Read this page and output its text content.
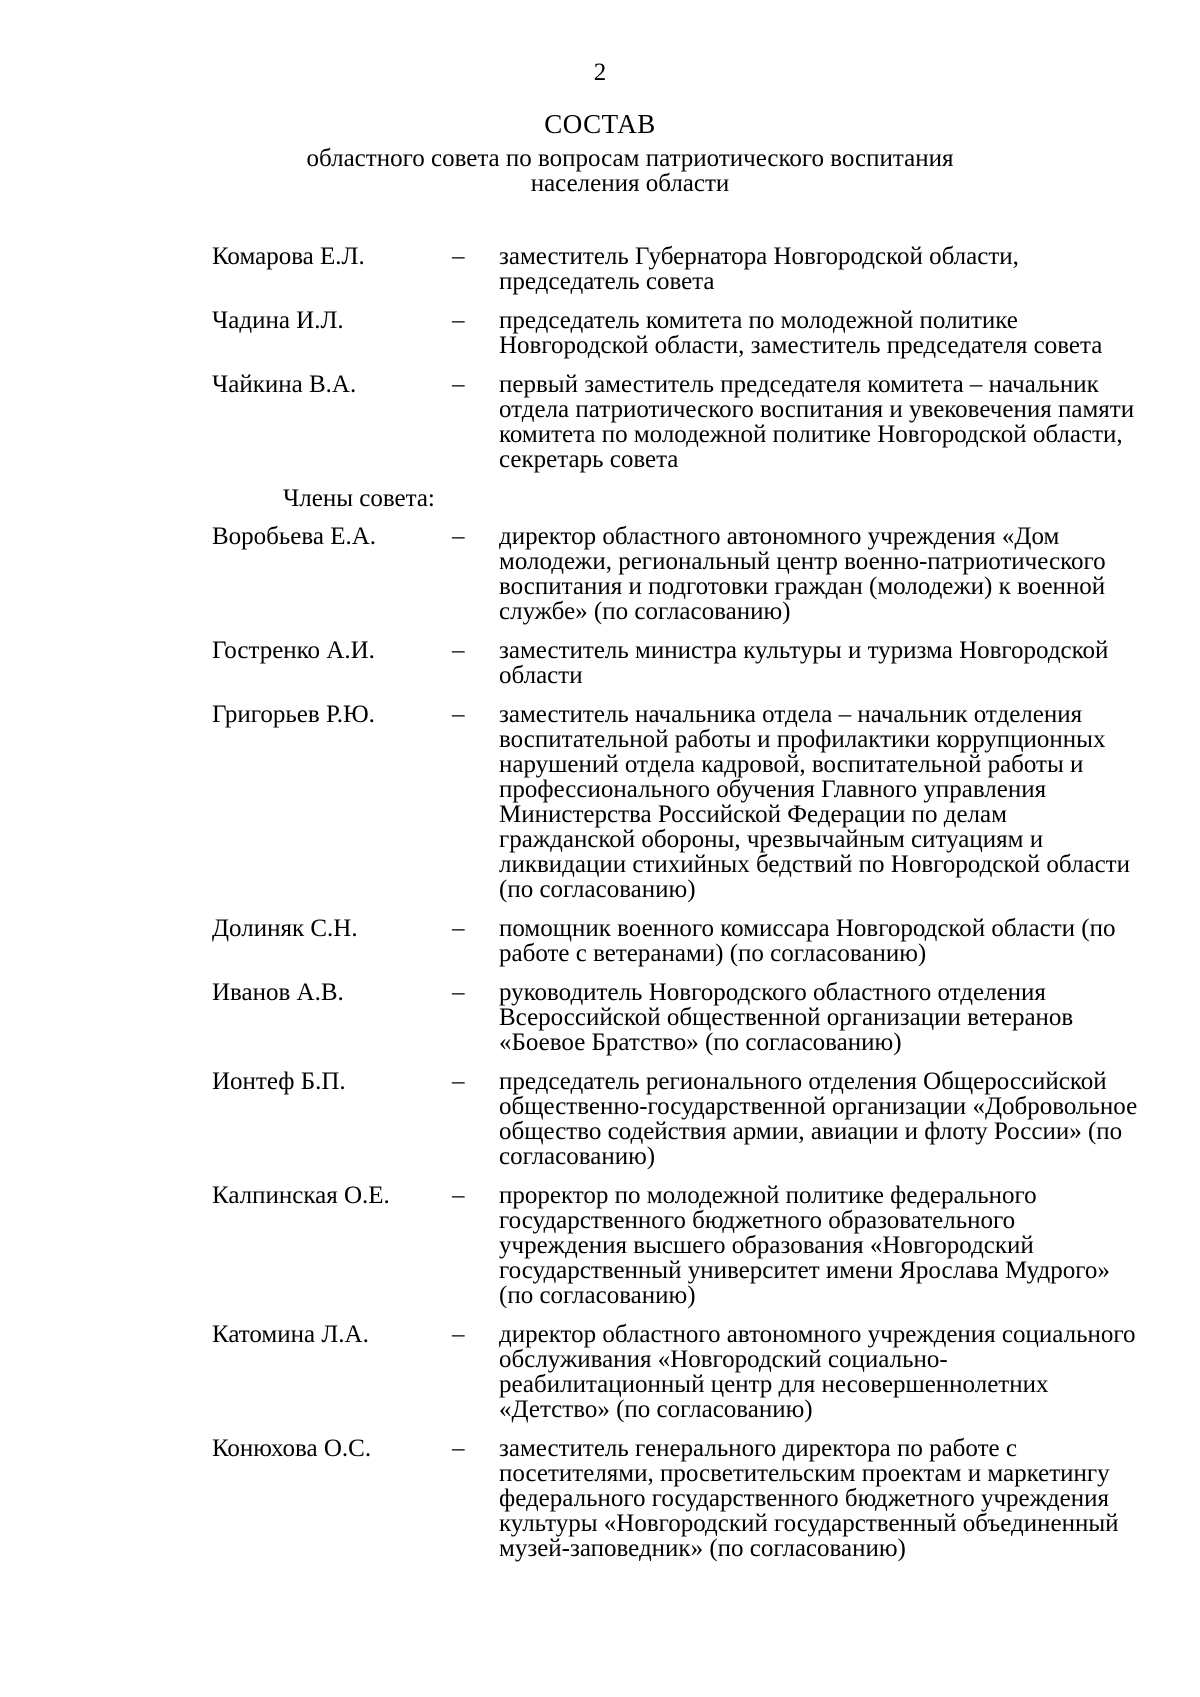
2
СОСТАВ
областного совета по вопросам патриотического воспитания населения области
Комарова Е.Л.	– заместитель Губернатора Новгородской области, председатель совета
Чадина И.Л.	– председатель комитета по молодежной политике Новгородской области, заместитель председателя совета
Чайкина В.А.	– первый заместитель председателя комитета – начальник отдела патриотического воспитания и увековечения памяти комитета по молодежной политике Новгородской области, секретарь совета
Члены совета:
Воробьева Е.А.	– директор областного автономного учреждения «Дом молодежи, региональный центр военно-патриотического воспитания и подготовки граждан (молодежи) к военной службе» (по согласованию)
Гостренко А.И.	– заместитель министра культуры и туризма Новгородской области
Григорьев Р.Ю.	– заместитель начальника отдела – начальник отделения воспитательной работы и профилактики коррупционных нарушений отдела кадровой, воспитательной работы и профессионального обучения Главного управления Министерства Российской Федерации по делам гражданской обороны, чрезвычайным ситуациям и ликвидации стихийных бедствий по Новгородской области (по согласованию)
Долиняк С.Н.	– помощник военного комиссара Новгородской области (по работе с ветеранами) (по согласованию)
Иванов А.В.	– руководитель Новгородского областного отделения Всероссийской общественной организации ветеранов «Боевое Братство» (по согласованию)
Ионтеф Б.П.	– председатель регионального отделения Общероссийской общественно-государственной организации «Добровольное общество содействия армии, авиации и флоту России» (по согласованию)
Калпинская О.Е. – проректор по молодежной политике федерального государственного бюджетного образовательного учреждения высшего образования «Новгородский государственный университет имени Ярослава Мудрого» (по согласованию)
Катомина Л.А.	– директор областного автономного учреждения социального обслуживания «Новгородский социально-реабилитационный центр для несовершеннолетних «Детство» (по согласованию)
Конюхова О.С.	– заместитель генерального директора по работе с посетителями, просветительским проектам и маркетингу федерального государственного бюджетного учреждения культуры «Новгородский государственный объединенный музей-заповедник» (по согласованию)
